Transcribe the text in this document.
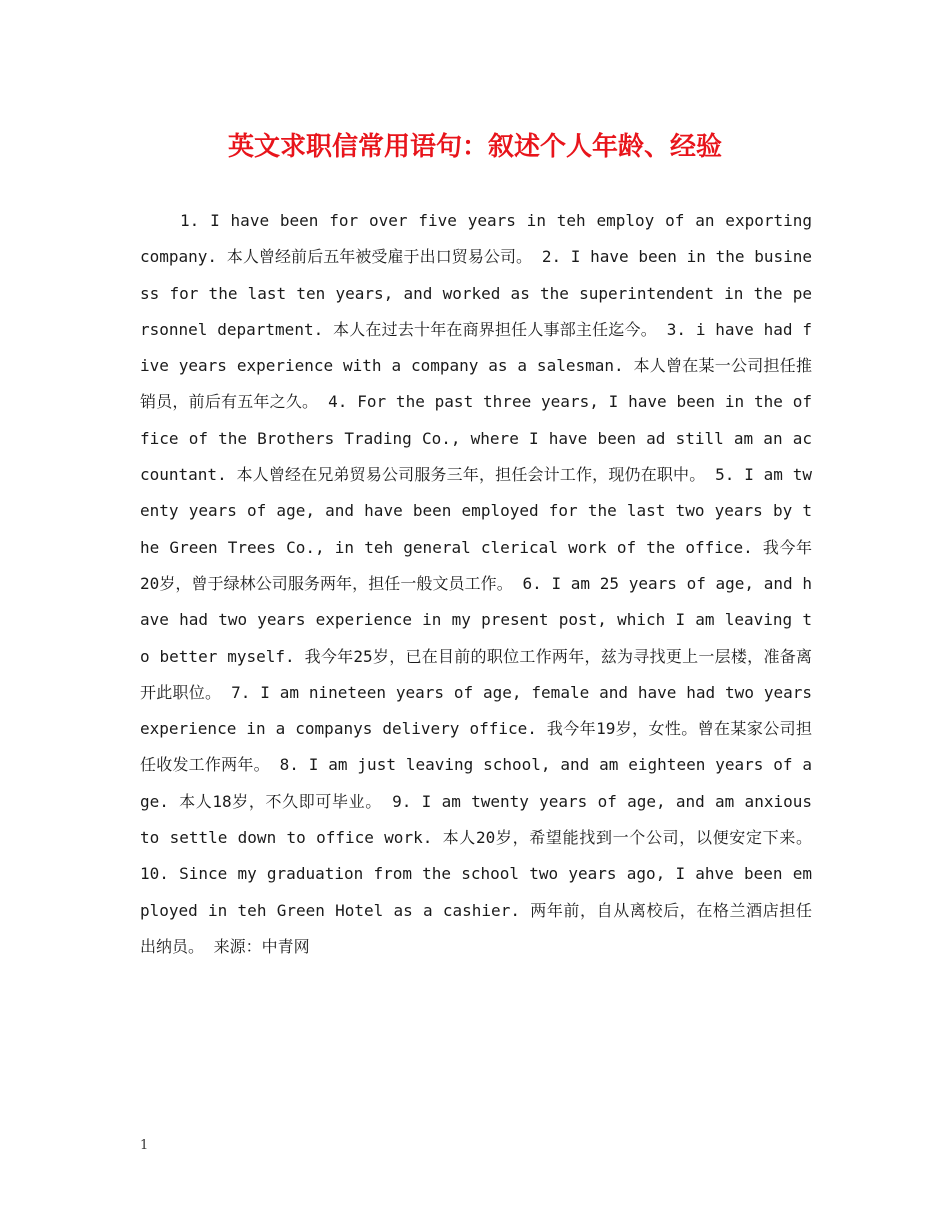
英文求职信常用语句：叙述个人年龄、经验

1. I have been for over five years in teh employ of an exporting company. 本人曾经前后五年被受雇于出口贸易公司。 2. I have been in the business for the last ten years, and worked as the superintendent in the personnel department. 本人在过去十年在商界担任人事部主任迄今。 3. i have had five years experience with a company as a salesman. 本人曾在某一公司担任推销员，前后有五年之久。 4. For the past three years, I have been in the office of the Brothers Trading Co., where I have been ad still am an accountant. 本人曾经在兄弟贸易公司服务三年，担任会计工作，现仍在职中。 5. I am twenty years of age, and have been employed for the last two years by the Green Trees Co., in teh general clerical work of the office. 我今年20岁，曾于绿林公司服务两年，担任一般文员工作。 6. I am 25 years of age, and have had two years experience in my present post, which I am leaving to better myself. 我今年25岁，已在目前的职位工作两年，兹为寻找更上一层楼，准备离开此职位。 7. I am nineteen years of age, female and have had two years experience in a companys delivery office. 我今年19岁，女性。曾在某家公司担任收发工作两年。 8. I am just leaving school, and am eighteen years of age. 本人18岁，不久即可毕业。 9. I am twenty years of age, and am anxious to settle down to office work. 本人20岁，希望能找到一个公司，以便安定下来。 10. Since my graduation from the school two years ago, I ahve been employed in teh Green Hotel as a cashier. 两年前，自从离校后，在格兰酒店担任出纳员。 来源：中青网

1
